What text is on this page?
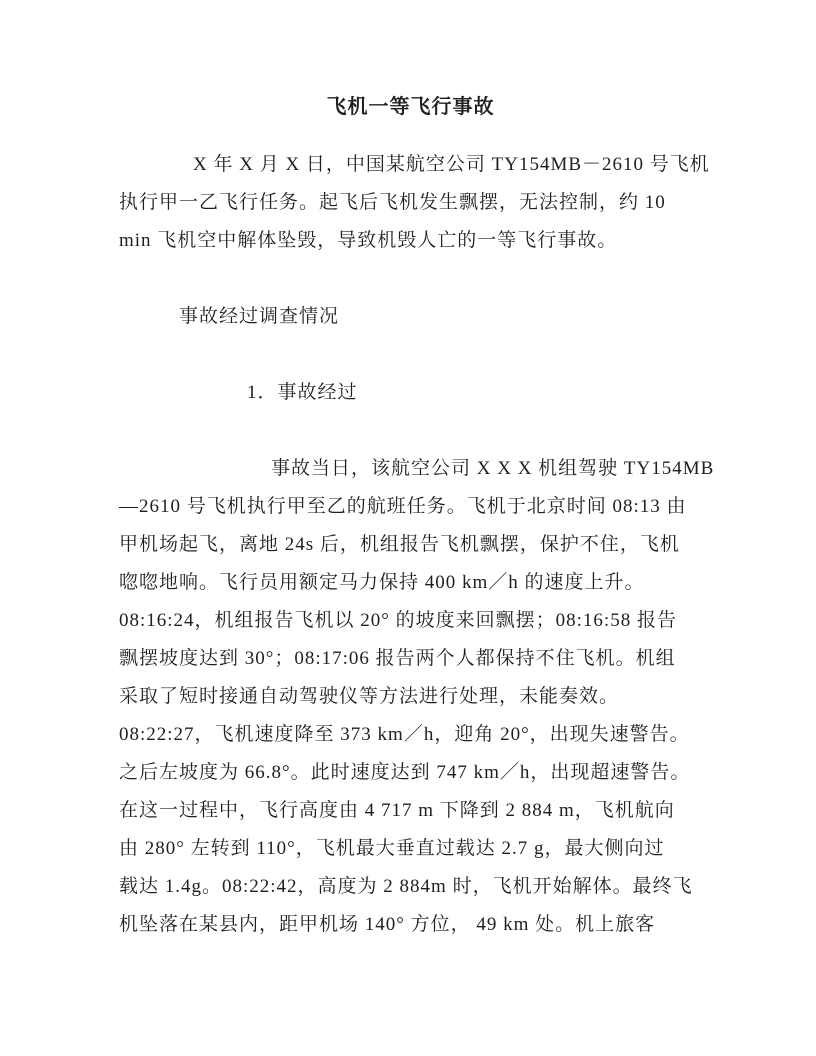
飞机一等飞行事故
X 年 X 月 X 日，中国某航空公司 TY154MB－2610 号飞机
执行甲一乙飞行任务。起飞后飞机发生飘摆，无法控制，约 10
min 飞机空中解体坠毁，导致机毁人亡的一等飞行事故。

事故经过调查情况

1．事故经过

事故当日，该航空公司 X X X 机组驾驶 TY154MB
—2610 号飞机执行甲至乙的航班任务。飞机于北京时间 08:13 由
甲机场起飞，离地 24s 后，机组报告飞机飘摆，保护不住，飞机
唿唿地响。飞行员用额定马力保持 400 km／h 的速度上升。
08:16:24，机组报告飞机以 20° 的坡度来回飘摆；08:16:58 报告
飘摆坡度达到 30°；08:17:06 报告两个人都保持不住飞机。机组
采取了短时接通自动驾驶仪等方法进行处理，未能奏效。
08:22:27，飞机速度降至 373 km／h，迎角 20°，出现失速警告。
之后左坡度为 66.8°。此时速度达到 747 km／h，出现超速警告。
在这一过程中，飞行高度由 4 717 m 下降到 2 884 m，飞机航向
由 280° 左转到 110°，飞机最大垂直过载达 2.7 g，最大侧向过
载达 1.4g。08:22:42，高度为 2 884m 时，飞机开始解体。最终飞
机坠落在某县内，距甲机场 140° 方位， 49 km 处。机上旅客
